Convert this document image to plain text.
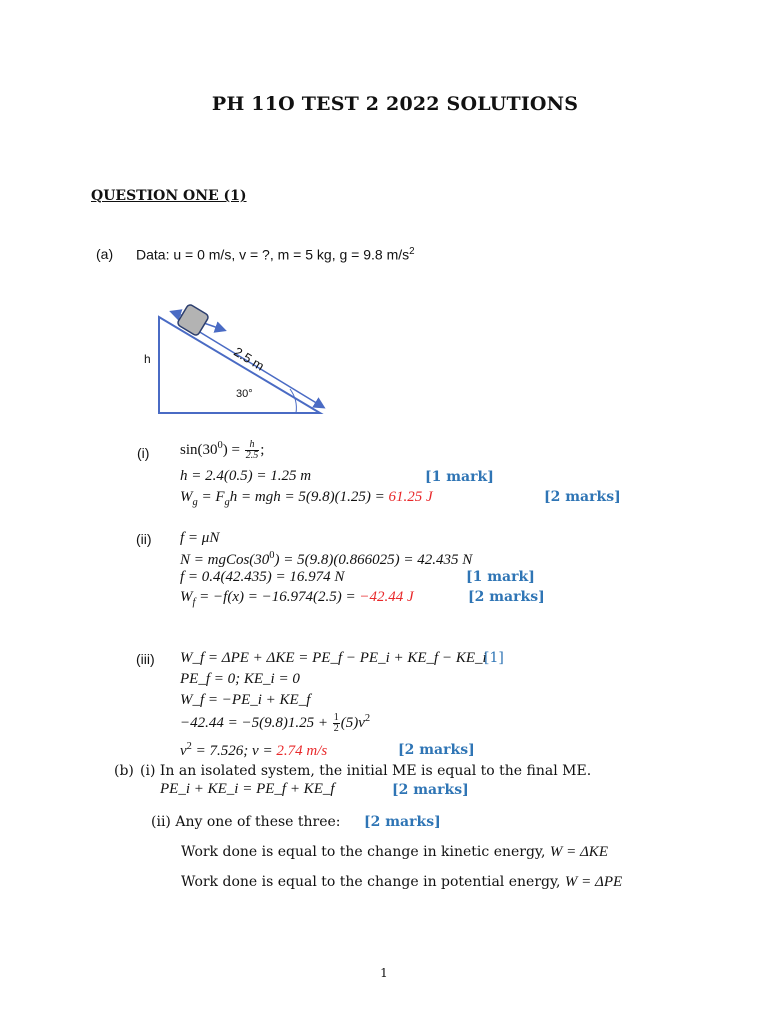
PH 11O TEST 2 2022 SOLUTIONS
QUESTION ONE (1)
(a) Data: u = 0 m/s, v = ?, m = 5 kg, g = 9.8 $m/s^2$
2.5 m
h
30°
(i) $\sin(30^0) = \frac{h}{2.5}$ ;
h = 2.4(0.5) = 1.25 m	[1 mark]
$W_g = F_gh$ = mgh = 5(9.8)(1.25) = 61.25 J	[2 marks]
(ii) f = μN
$N = mgCos(30^0) = 5(9.8)(0.866025) = 42.435$ N
f = 0.4(42.435) = 16.974 N	[1 mark]
$W_f = -f(x) = -16.974(2.5) = -42.44$ J	[2 marks]
(iii) W_f = ΔPE + ΔKE = PE_f − PE_i + KE_f − KE_i
[1]
PE_f = 0; KE_i = 0
W_f = −PE_i + KE_f
$-42.44 = -5(9.8)1.25 + \frac{1}{2} (5)v^2$
$v^2 = 7.526$; v = 2.74 m/s	[2 marks]
(b) (i) In an isolated system, the initial ME is equal to the final ME.
PE_i + KE_i = PE_f + KE_f	[2 marks]
(ii) Any one of these three: [2 marks]
Work done is equal to the change in kinetic energy, W = ΔKE
Work done is equal to the change in potential energy, W = ΔPE
1
